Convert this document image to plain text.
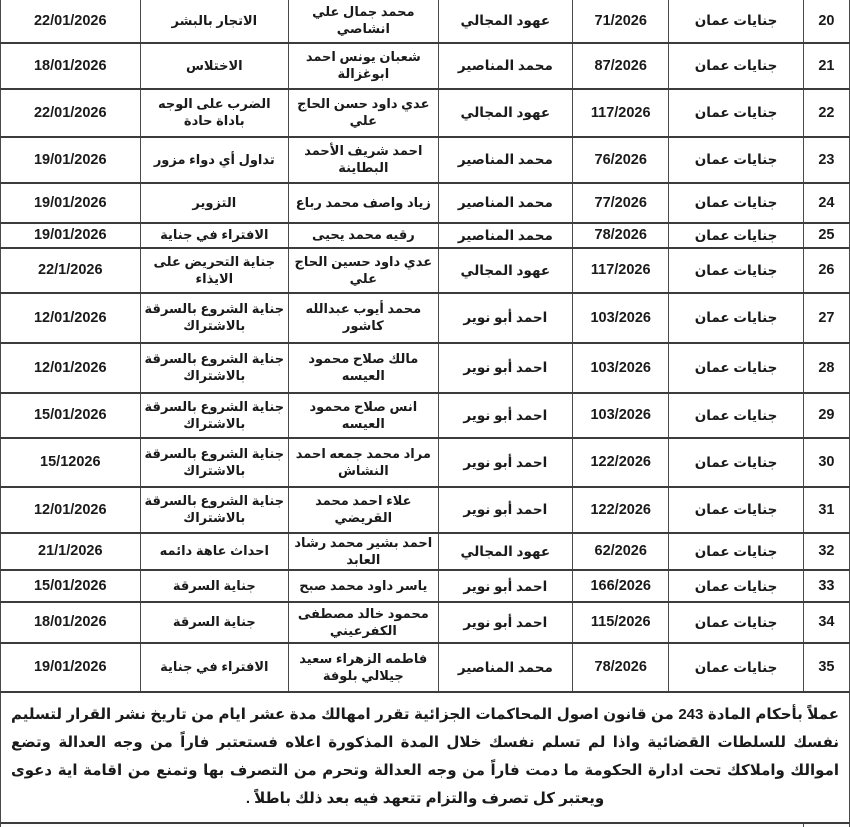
20	جنايات عمان	71/2026	عهود المجالي	محمد جمال علي انشاصي	الاتجار بالبشر	22/01/2026
21	جنايات عمان	87/2026	محمد المناصير	شعبان يونس احمد ابوغزالة	الاختلاس	18/01/2026
22	جنايات عمان	117/2026	عهود المجالي	عدي داود حسن الحاج علي	الضرب على الوجه باداة حادة	22/01/2026
23	جنايات عمان	76/2026	محمد المناصير	احمد شريف الأحمد البطاينة	تداول أي دواء مزور	19/01/2026
24	جنايات عمان	77/2026	محمد المناصير	زياد واصف محمد رباع	التزوير	19/01/2026
25	جنايات عمان	78/2026	محمد المناصير	رقيه محمد يحيى	الافتراء في جناية	19/01/2026
26	جنايات عمان	117/2026	عهود المجالي	عدي داود حسين الحاج علي	جناية التحريض على الايذاء	22/1/2026
27	جنايات عمان	103/2026	احمد أبو نوير	محمد أيوب عبدالله كاشور	جناية الشروع بالسرقة بالاشتراك	12/01/2026
28	جنايات عمان	103/2026	احمد أبو نوير	مالك صلاح محمود العيسه	جناية الشروع بالسرقة بالاشتراك	12/01/2026
29	جنايات عمان	103/2026	احمد أبو نوير	انس صلاح محمود العيسه	جناية الشروع بالسرقة بالاشتراك	15/01/2026
30	جنايات عمان	122/2026	احمد أبو نوير	مراد محمد جمعه احمد النشاش	جناية الشروع بالسرقة بالاشتراك	15/12026
31	جنايات عمان	122/2026	احمد أبو نوير	علاء احمد محمد القريضي	جناية الشروع بالسرقة بالاشتراك	12/01/2026
32	جنايات عمان	62/2026	عهود المجالي	احمد بشير محمد رشاد العابد	احداث عاهة دائمه	21/1/2026
33	جنايات عمان	166/2026	احمد أبو نوير	ياسر داود محمد صبح	جناية السرقة	15/01/2026
34	جنايات عمان	115/2026	احمد أبو نوير	محمود خالد مصطفى الكفرعيني	جناية السرقة	18/01/2026
35	جنايات عمان	78/2026	محمد المناصير	فاطمه الزهراء سعيد جيلالي بلوفة	الافتراء في جناية	19/01/2026
عملاً بأحكام المادة 243 من قانون اصول المحاكمات الجزائية تقرر امهالك مدة عشر ايام من تاريخ نشر القرار لتسليم نفسك للسلطات القضائية واذا لم تسلم نفسك خلال المدة المذكورة اعلاه فستعتبر فاراً من وجه العدالة وتضع اموالك واملاكك تحت ادارة الحكومة ما دمت فاراً من وجه العدالة وتحرم من التصرف بها وتمنع من اقامة اية دعوى ويعتبر كل تصرف والتزام تتعهد فيه بعد ذلك باطلاً .
